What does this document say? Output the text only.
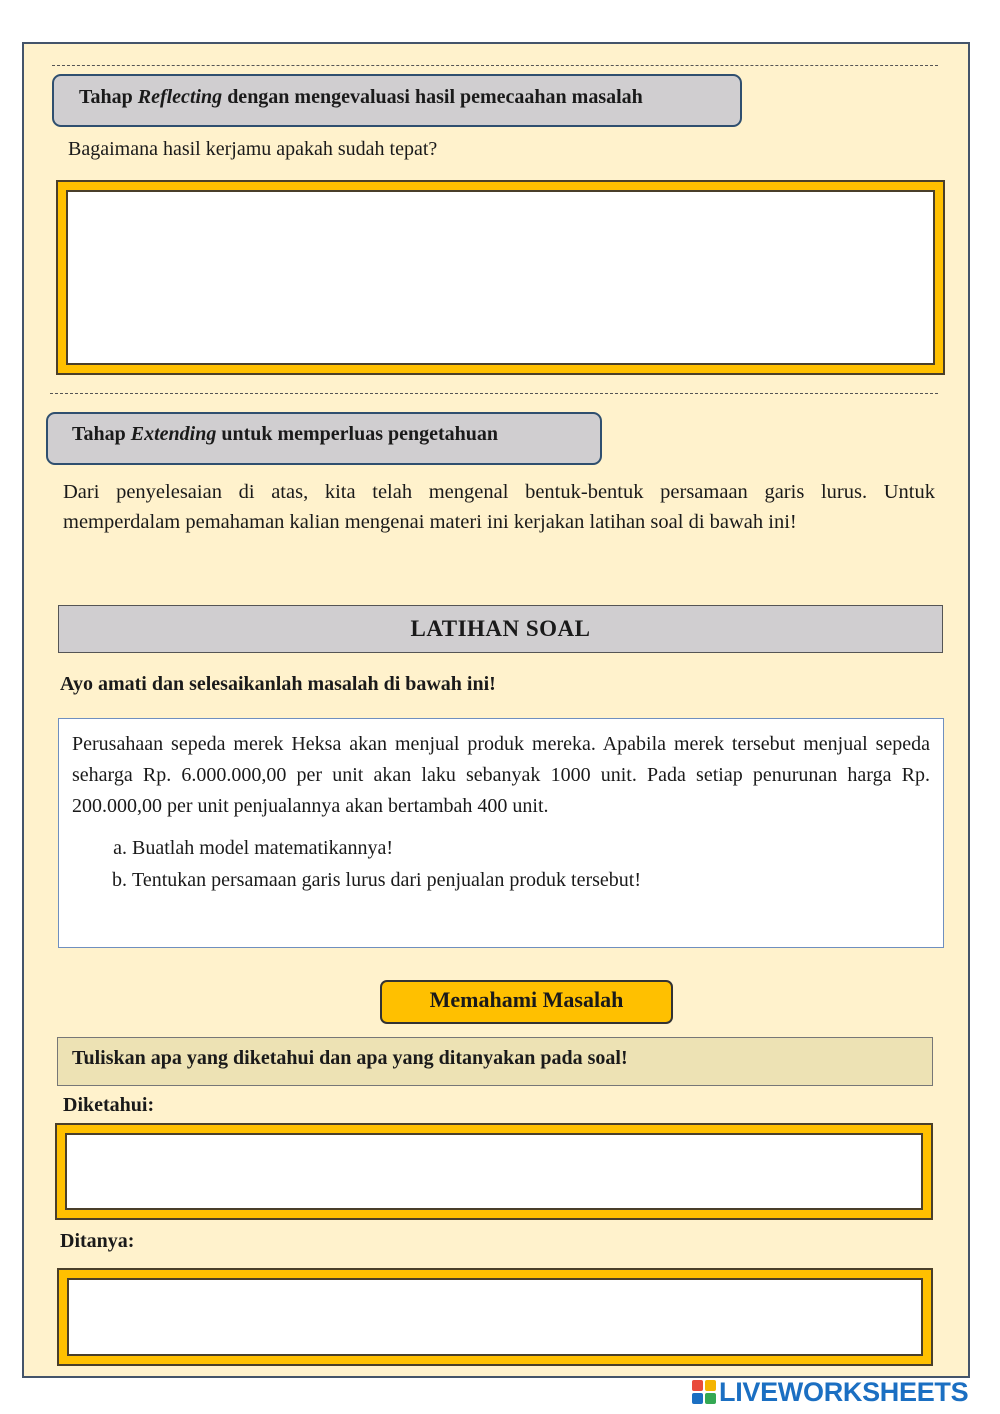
Tahap Reflecting dengan mengevaluasi hasil pemecaahan masalah
Bagaimana hasil kerjamu apakah sudah tepat?
Tahap Extending untuk memperluas pengetahuan
Dari penyelesaian di atas, kita telah mengenal bentuk-bentuk persamaan garis lurus. Untuk
memperdalam pemahaman kalian mengenai materi ini kerjakan latihan soal di bawah ini!
LATIHAN SOAL
Ayo amati dan selesaikanlah masalah di bawah ini!
Perusahaan sepeda merek Heksa akan menjual produk mereka. Apabila merek tersebut menjual sepeda seharga Rp. 6.000.000,00 per unit akan laku sebanyak 1000 unit. Pada setiap penurunan harga Rp. 200.000,00 per unit penjualannya akan bertambah 400 unit.
a. Buatlah model matematikannya!
b. Tentukan persamaan garis lurus dari penjualan produk tersebut!
Memahami Masalah
Tuliskan apa yang diketahui dan apa yang ditanyakan pada soal!
Diketahui:
Ditanya:
LIVEWORKSHEETS
